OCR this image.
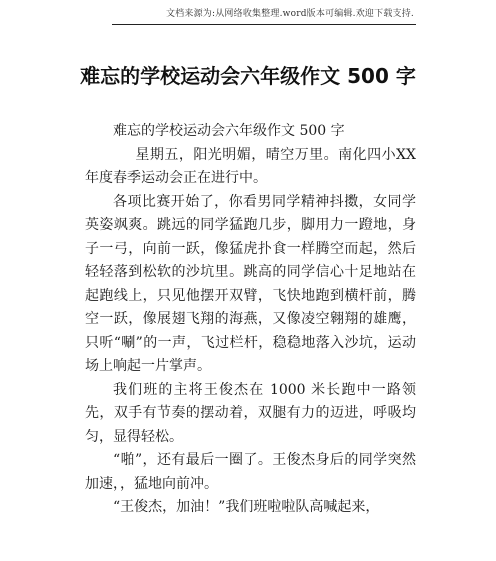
文档来源为:从网络收集整理.word版本可编辑.欢迎下载支持.
难忘的学校运动会六年级作文 500 字

难忘的学校运动会六年级作文 500 字

星期五，阳光明媚，晴空万里。南化四小XX年度春季运动会正在进行中。

各项比赛开始了，你看男同学精神抖擞，女同学英姿飒爽。跳远的同学猛跑几步，脚用力一蹬地，身子一弓，向前一跃，像猛虎扑食一样腾空而起，然后轻轻落到松软的沙坑里。跳高的同学信心十足地站在起跑线上，只见他摆开双臂，飞快地跑到横杆前，腾空一跃，像展翅飞翔的海燕，又像凌空翱翔的雄鹰，只听“唰”的一声，飞过栏杆，稳稳地落入沙坑，运动场上响起一片掌声。

我们班的主将王俊杰在 1000 米长跑中一路领先，双手有节奏的摆动着，双腿有力的迈进，呼吸均匀，显得轻松。

“啪”，还有最后一圈了。王俊杰身后的同学突然加速，，猛地向前冲。

“王俊杰，加油！”我们班啦啦队高喊起来，
